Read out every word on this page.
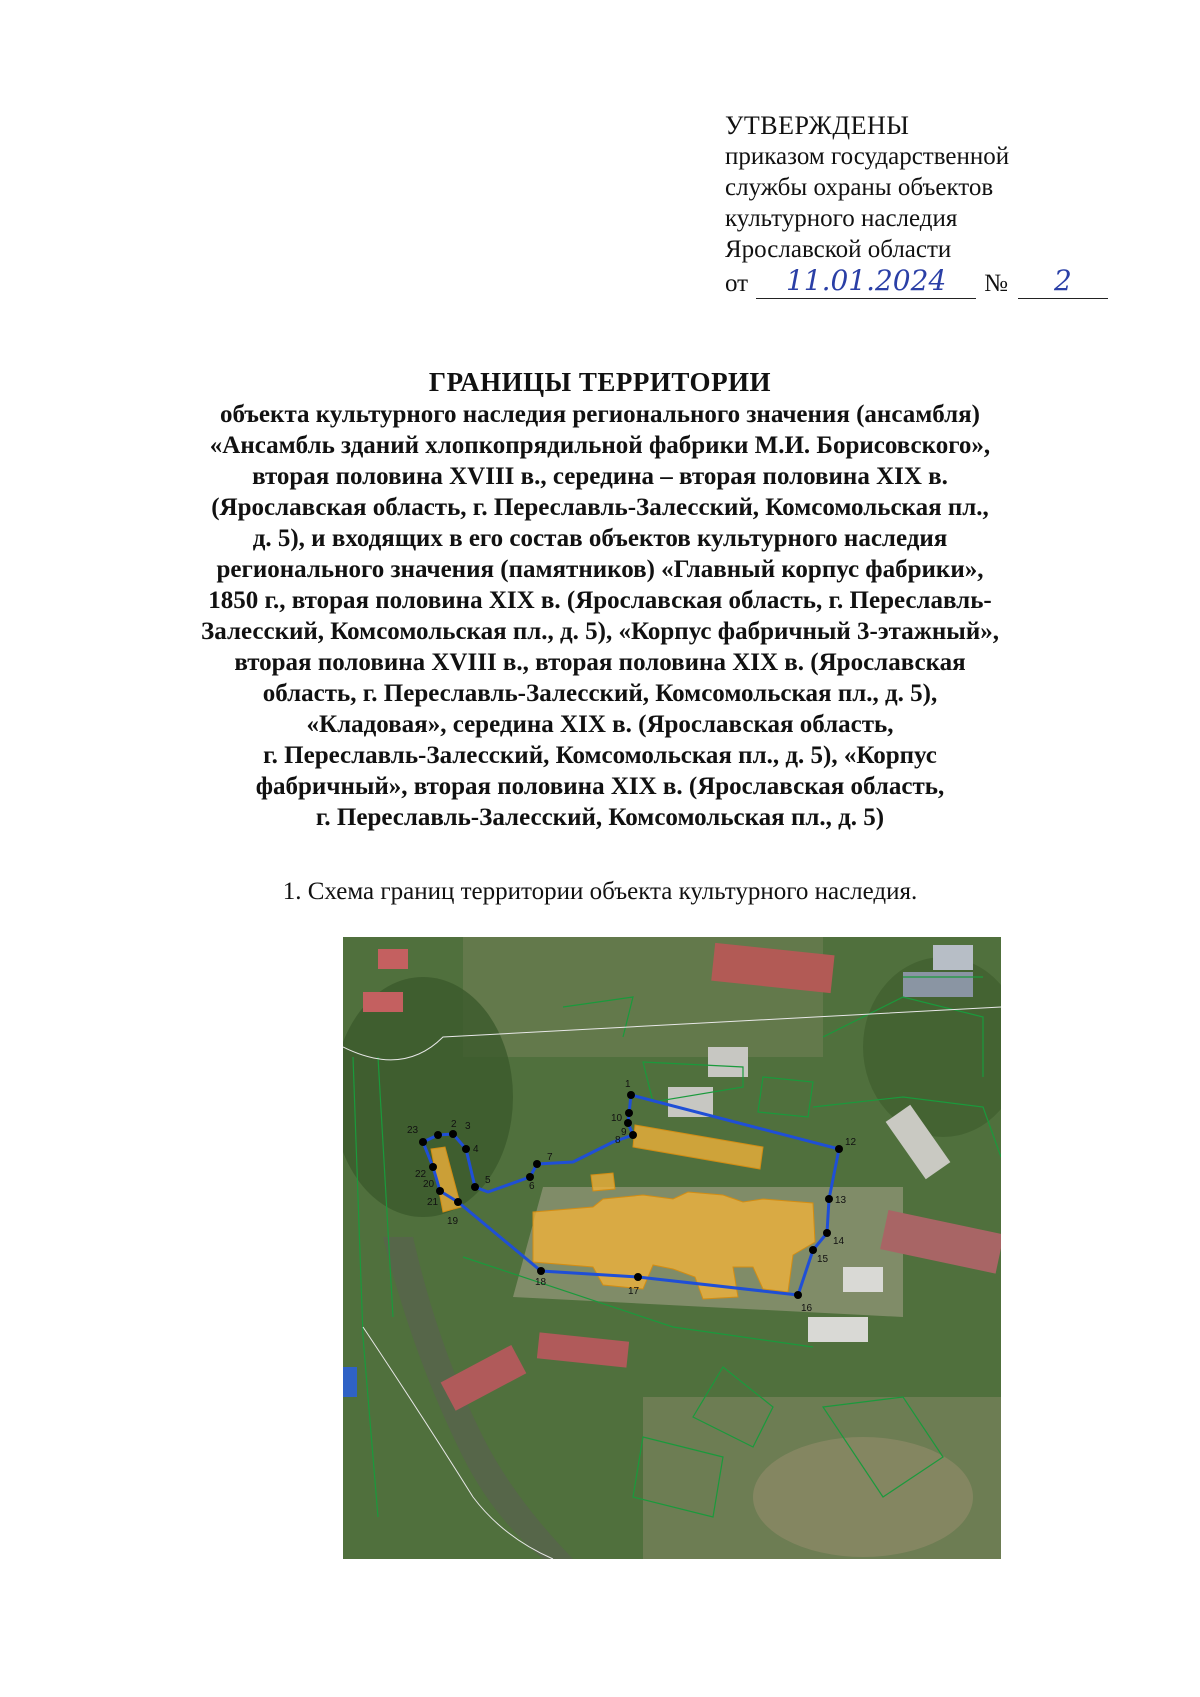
УТВЕРЖДЕНЫ
приказом государственной
службы охраны объектов
культурного наследия
Ярославской области
от	11.01.2024	№	2
ГРАНИЦЫ ТЕРРИТОРИИ
объекта культурного наследия регионального значения (ансамбля)
«Ансамбль зданий хлопкопрядильной фабрики М.И. Борисовского»,
вторая половина XVIII в., середина – вторая половина XIX в.
(Ярославская область, г. Переславль-Залесский, Комсомольская пл.,
д. 5), и входящих в его состав объектов культурного наследия
регионального значения (памятников) «Главный корпус фабрики»,
1850 г., вторая половина XIX в. (Ярославская область, г. Переславль-
Залесский, Комсомольская пл., д. 5), «Корпус фабричный 3-этажный»,
вторая половина XVIII в., вторая половина XIX в. (Ярославская
область, г. Переславль-Залесский, Комсомольская пл., д. 5),
«Кладовая», середина XIX в. (Ярославская область,
г. Переславль-Залесский, Комсомольская пл., д. 5), «Корпус
фабричный», вторая половина XIX в. (Ярославская область,
г. Переславль-Залесский, Комсомольская пл., д. 5)
1. Схема границ территории объекта культурного наследия.
1
2 3
4
5
6
7
8
9
10
12
13
14
15
16
17
18
19
20
21
22
23
